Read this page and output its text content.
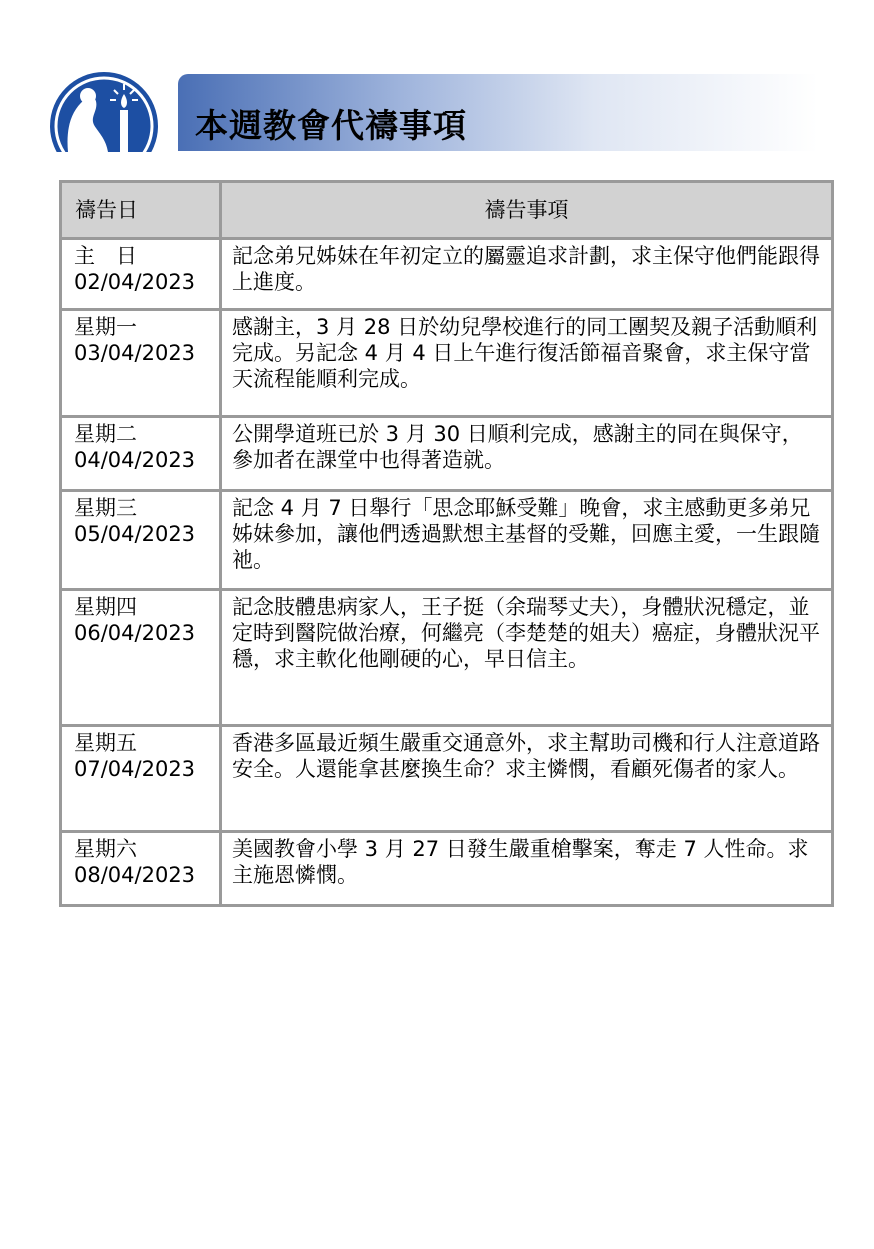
本週教會代禱事項
禱告日	禱告事項

主　日
02/04/2023	記念弟兄姊妹在年初定立的屬靈追求計劃，求主保守他們能跟得上進度。

星期一
03/04/2023	感謝主，3 月 28 日於幼兒學校進行的同工團契及親子活動順利完成。另記念 4 月 4 日上午進行復活節福音聚會，求主保守當天流程能順利完成。

星期二
04/04/2023	公開學道班已於 3 月 30 日順利完成，感謝主的同在與保守，參加者在課堂中也得著造就。

星期三
05/04/2023	記念 4 月 7 日舉行「思念耶穌受難」晚會，求主感動更多弟兄姊妹參加，讓他們透過默想主基督的受難，回應主愛，一生跟隨祂。

星期四
06/04/2023	記念肢體患病家人，王子挺（余瑞琴丈夫），身體狀況穩定，並定時到醫院做治療，何繼亮（李楚楚的姐夫）癌症，身體狀況平穩，求主軟化他剛硬的心，早日信主。

星期五
07/04/2023	香港多區最近頻生嚴重交通意外，求主幫助司機和行人注意道路安全。人還能拿甚麼換生命？求主憐憫，看顧死傷者的家人。

星期六
08/04/2023	美國教會小學 3 月 27 日發生嚴重槍擊案，奪走 7 人性命。求主施恩憐憫。
